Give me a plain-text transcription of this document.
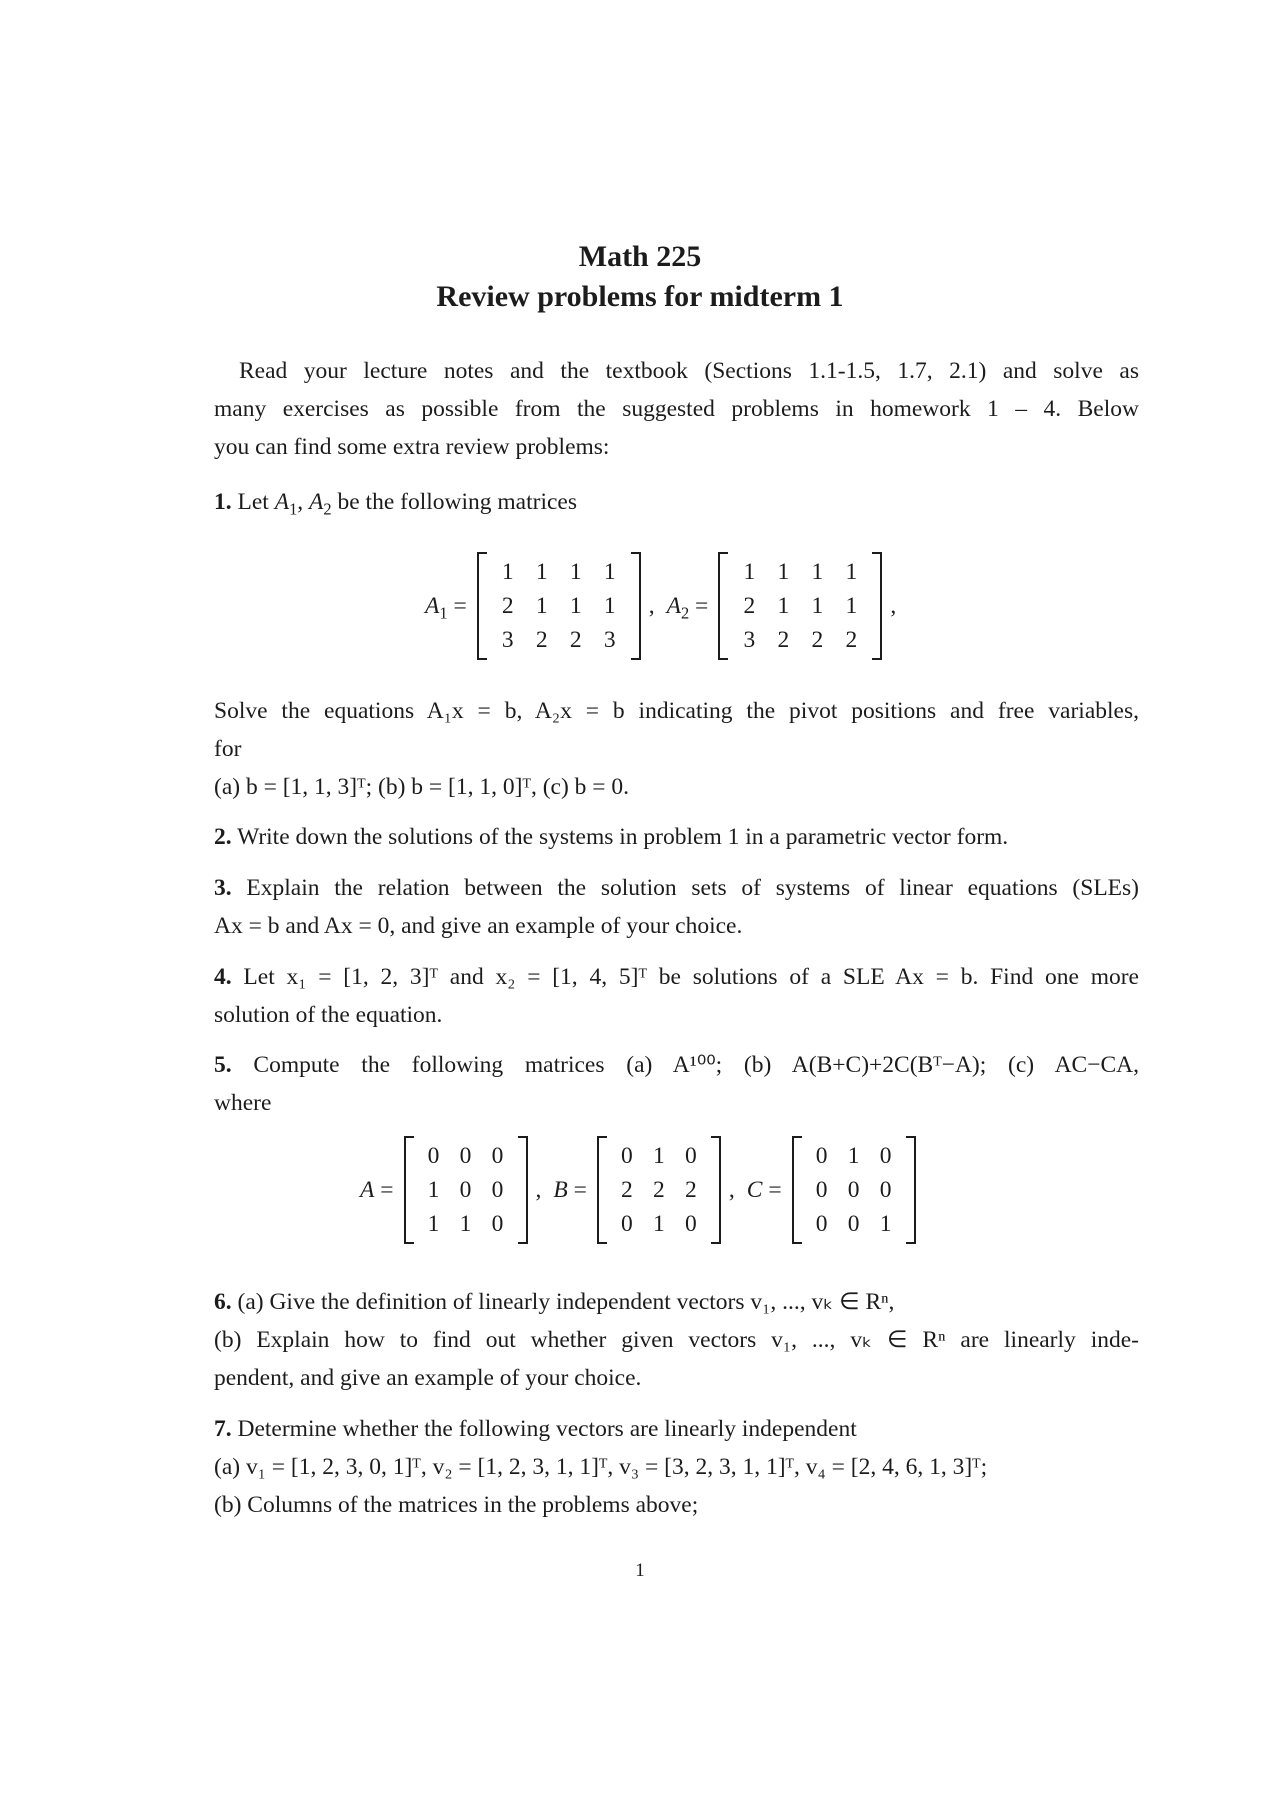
Math 225
Review problems for midterm 1
Read your lecture notes and the textbook (Sections 1.1-1.5, 1.7, 2.1) and solve as
many exercises as possible from the suggested problems in homework 1 – 4. Below
you can find some extra review problems:
1. Let $A_1$, $A_2$ be the following matrices
$A_1$ =
1 1 1 1
2 1 1 1
3 2 2 3
, $A_2$ =
1 1 1 1
2 1 1 1
3 2 2 2
,
Solve the equations A₁x = b, A₂x = b indicating the pivot positions and free variables,
for
(a) b = [1, 1, 3]ᵀ; (b) b = [1, 1, 0]ᵀ, (c) b = 0.
2. Write down the solutions of the systems in problem 1 in a parametric vector form.
3. Explain the relation between the solution sets of systems of linear equations (SLEs)
Ax = b and Ax = 0, and give an example of your choice.
4. Let x₁ = [1, 2, 3]ᵀ and x₂ = [1, 4, 5]ᵀ be solutions of a SLE Ax = b. Find one more
solution of the equation.
5. Compute the following matrices (a) A¹⁰⁰; (b) A(B+C)+2C(Bᵀ−A); (c) AC−CA,
where
A =
0 0 0
1 0 0
1 1 0
, B =
0 1 0
2 2 2
0 1 0
, C =
0 1 0
0 0 0
0 0 1
6. (a) Give the definition of linearly independent vectors v₁, ..., vₖ ∈ Rⁿ,
(b) Explain how to find out whether given vectors v₁, ..., vₖ ∈ Rⁿ are linearly inde-
pendent, and give an example of your choice.
7. Determine whether the following vectors are linearly independent
(a) v₁ = [1, 2, 3, 0, 1]ᵀ, v₂ = [1, 2, 3, 1, 1]ᵀ, v₃ = [3, 2, 3, 1, 1]ᵀ, v₄ = [2, 4, 6, 1, 3]ᵀ;
(b) Columns of the matrices in the problems above;
1
